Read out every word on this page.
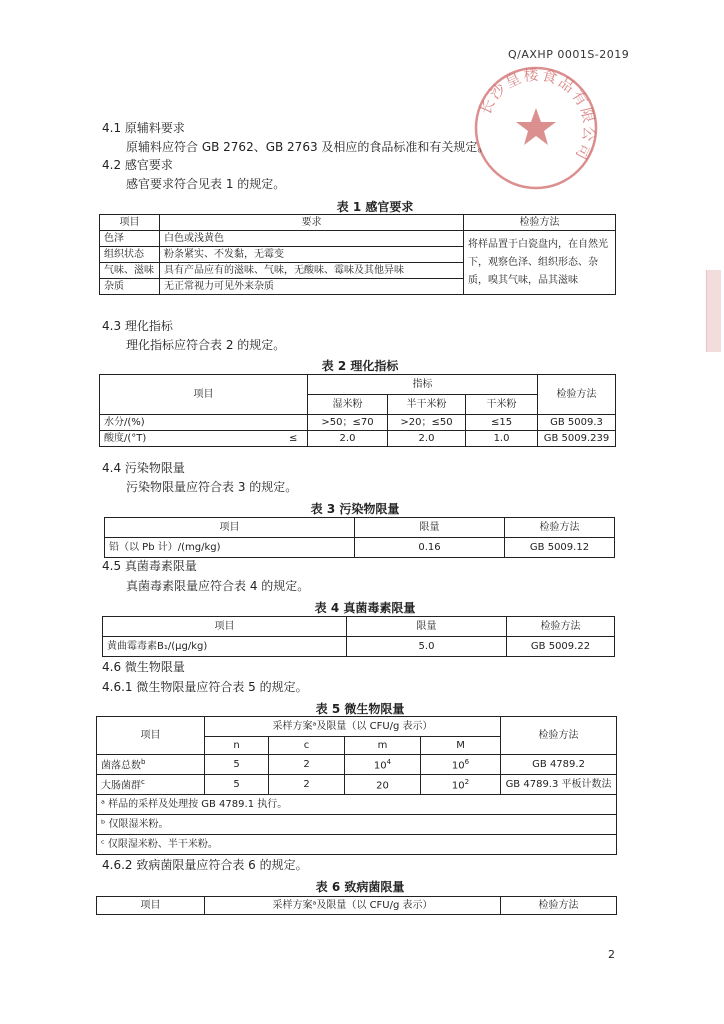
Q/AXHP 0001S-2019
长沙皇楼食品有限公司
4.1 原辅料要求
原辅料应符合 GB 2762、GB 2763 及相应的食品标准和有关规定。
4.2 感官要求
感官要求符合见表 1 的规定。
表 1 感官要求
项目	要求	检验方法
色泽	白色或浅黄色	将样品置于白瓷盘内，在自然光下，观察色泽、组织形态、杂质，嗅其气味，品其滋味
组织状态	粉条紧实、不发黏，无霉变	
气味、滋味	具有产品应有的滋味、气味，无酸味、霉味及其他异味	
杂质	无正常视力可见外来杂质	
4.3 理化指标
理化指标应符合表 2 的规定。
表 2 理化指标
项目		指标			检验方法
		湿米粉	半干米粉	干米粉	
水分/(%)		>50；≤70	>20；≤50	≤15	GB 5009.3
酸度/(°T)	≤	2.0	2.0	1.0	GB 5009.239
4.4 污染物限量
污染物限量应符合表 3 的规定。
表 3 污染物限量
项目	限量	检验方法
铅（以 Pb 计）/(mg/kg)	0.16	GB 5009.12
4.5 真菌毒素限量
真菌毒素限量应符合表 4 的规定。
表 4 真菌毒素限量
项目	限量	检验方法
黄曲霉毒素B₁/(μg/kg)	5.0	GB 5009.22
4.6 微生物限量
4.6.1 微生物限量应符合表 5 的规定。
表 5 微生物限量
项目	采样方案ᵃ及限量（以 CFU/g 表示）				检验方法
	n	c	m	M	
菌落总数$^b$	5	2	$10^4$	$10^6$	GB 4789.2
大肠菌群$^c$	5	2	20	$10^2$	GB 4789.3 平板计数法
ᵃ 样品的采样及处理按 GB 4789.1 执行。					
ᵇ 仅限湿米粉。					
ᶜ 仅限湿米粉、半干米粉。					
4.6.2 致病菌限量应符合表 6 的规定。
表 6 致病菌限量
项目	采样方案ᵃ及限量（以 CFU/g 表示）	检验方法
2
